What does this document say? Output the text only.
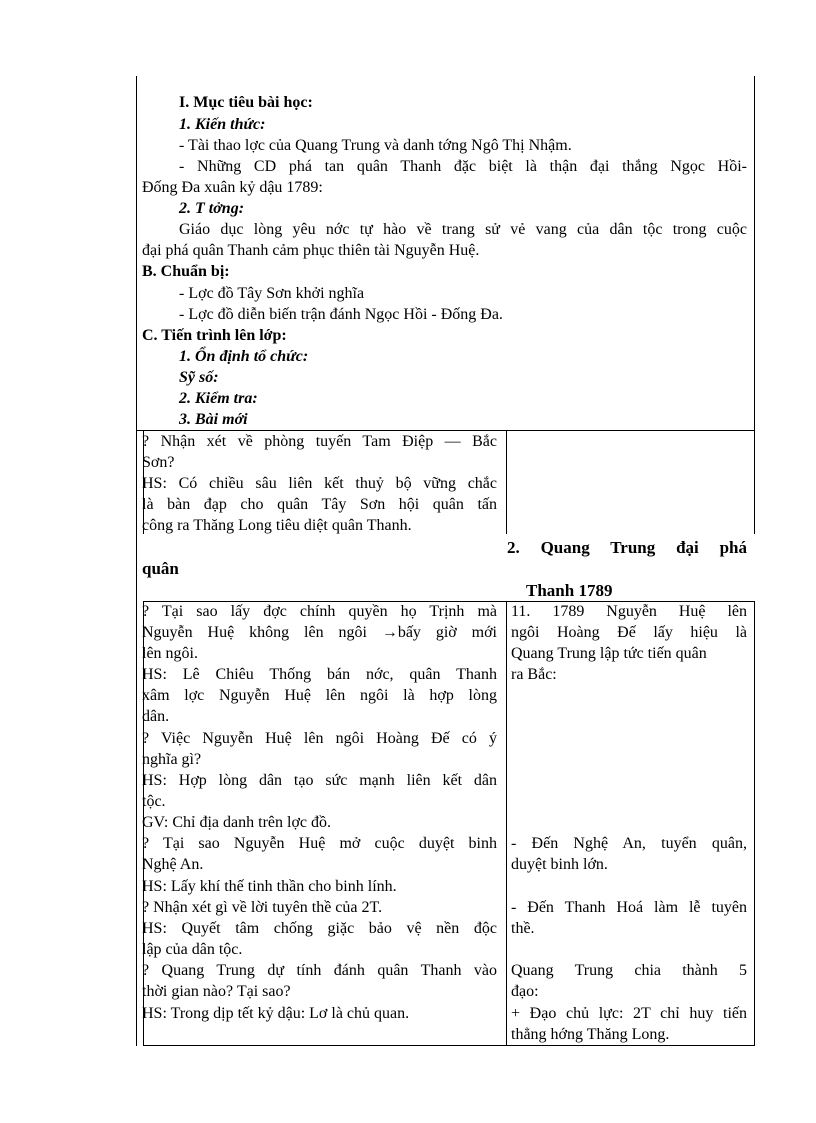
I. Mục tiêu bài học:
1. Kiến thức:
- Tài thao lợc của Quang Trung và danh tớng Ngô Thị Nhậm.
- Những CD phá tan quân Thanh đặc biệt là thận đại thắng Ngọc Hồi-
Đống Đa xuân kỷ dậu 1789:
2. T tởng:
Giáo dục lòng yêu nớc tự hào về trang sử vẻ vang của dân tộc trong cuộc
đại phá quân Thanh cảm phục thiên tài Nguyễn Huệ.
B. Chuẩn bị:
- Lợc đồ Tây Sơn khởi nghĩa
- Lợc đồ diễn biến trận đánh Ngọc Hồi - Đống Đa.
C. Tiến trình lên lớp:
1. Ổn định tổ chức:
Sỹ số:
2. Kiểm tra:
3. Bài mới
? Nhận xét về phòng tuyến Tam Điệp — Bắc
Sơn?
HS: Có chiều sâu liên kết thuỷ bộ vững chắc
là bàn đạp cho quân Tây Sơn hội quân tấn
công ra Thăng Long tiêu diệt quân Thanh.
2. Quang Trung đại phá
quân
Thanh 1789
? Tại sao lấy đợc chính quyền họ Trịnh mà
Nguyễn Huệ không lên ngôi →bấy giờ mới
lên ngôi.
HS: Lê Chiêu Thống bán nớc, quân Thanh
xâm lợc Nguyễn Huệ lên ngôi là hợp lòng
dân.
? Việc Nguyễn Huệ lên ngôi Hoàng Đế có ý
nghĩa gì?
HS: Hợp lòng dân tạo sức mạnh liên kết dân
tộc.
GV: Chỉ địa danh trên lợc đồ.
? Tại sao Nguyễn Huệ mở cuộc duyệt binh
Nghệ An.
HS: Lấy khí thế tinh thần cho binh lính.
? Nhận xét gì về lời tuyên thề của 2T.
HS: Quyết tâm chống giặc bảo vệ nền độc
lập của dân tộc.
? Quang Trung dự tính đánh quân Thanh vào
thời gian nào? Tại sao?
HS: Trong dịp tết kỷ dậu: Lơ là chủ quan.
11. 1789 Nguyễn Huệ lên
ngôi Hoàng Đế lấy hiệu là
Quang Trung lập tức tiến quân
ra Bắc:
- Đến Nghệ An, tuyển quân,
duyệt binh lớn.
- Đến Thanh Hoá làm lễ tuyên
thề.
Quang Trung chia thành 5
đạo:
+ Đạo chủ lực: 2T chỉ huy tiến
thẳng hớng Thăng Long.
